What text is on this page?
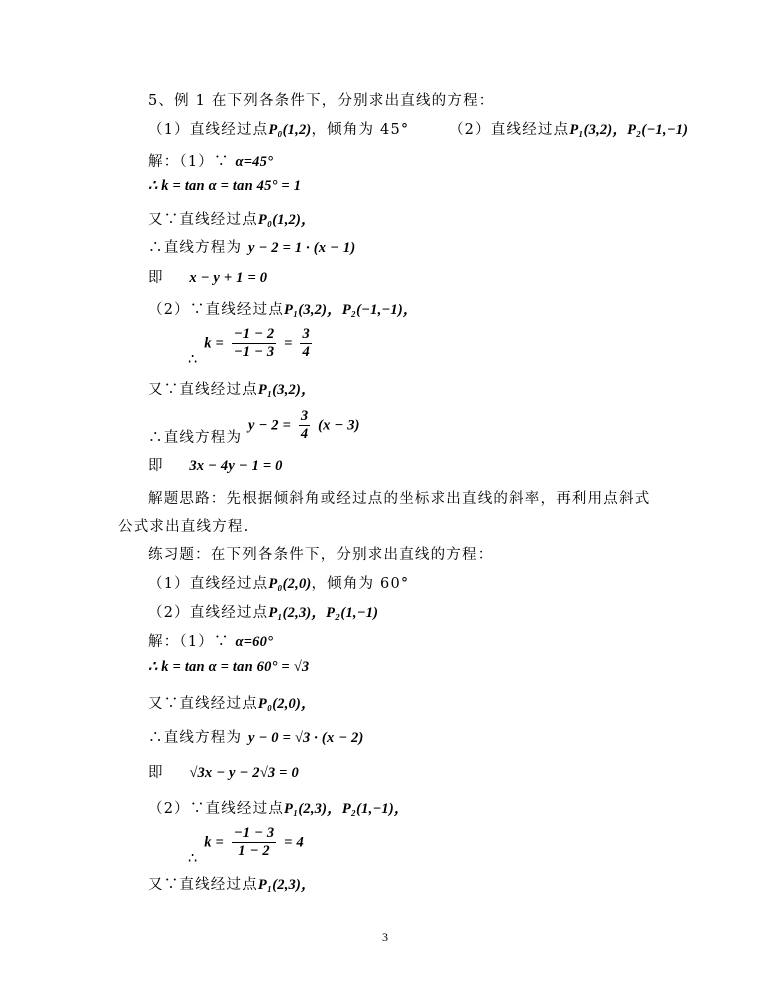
5、例 1 在下列各条件下，分别求出直线的方程：
（1）直线经过点P₀(1,2)，倾角为 45°	（2）直线经过点P₁(3,2)，P₂(−1,−1)
解：（1）∵ α=45°
∴ k = tan α = tan 45° = 1
又∵直线经过点P₀(1,2)，
∴直线方程为 y − 2 = 1 · (x − 1)
即 x − y + 1 = 0
（2）∵直线经过点P₁(3,2)，P₂(−1,−1)，
∴ $k = \frac{-1 - 2}{-1 - 3} = \frac{3}{4}$
又∵直线经过点P₁(3,2)，
∴直线方程为 $y - 2 = \frac{3}{4} (x - 3)$
即 3x − 4y − 1 = 0
解题思路：先根据倾斜角或经过点的坐标求出直线的斜率，再利用点斜式
公式求出直线方程.
练习题：在下列各条件下，分别求出直线的方程：
（1）直线经过点P₀(2,0)，倾角为 60°
（2）直线经过点P₁(2,3)，P₂(1,−1)
解：（1）∵ α=60°
∴ k = tan α = tan 60° = √3
又∵直线经过点P₀(2,0)，
∴直线方程为 y − 0 = √3 · (x − 2)
即 √3x − y − 2√3 = 0
（2）∵直线经过点P₁(2,3)，P₂(1,−1)，
∴ $k = \frac{-1 - 3}{1 - 2} = 4$
又∵直线经过点P₁(2,3)，
3
